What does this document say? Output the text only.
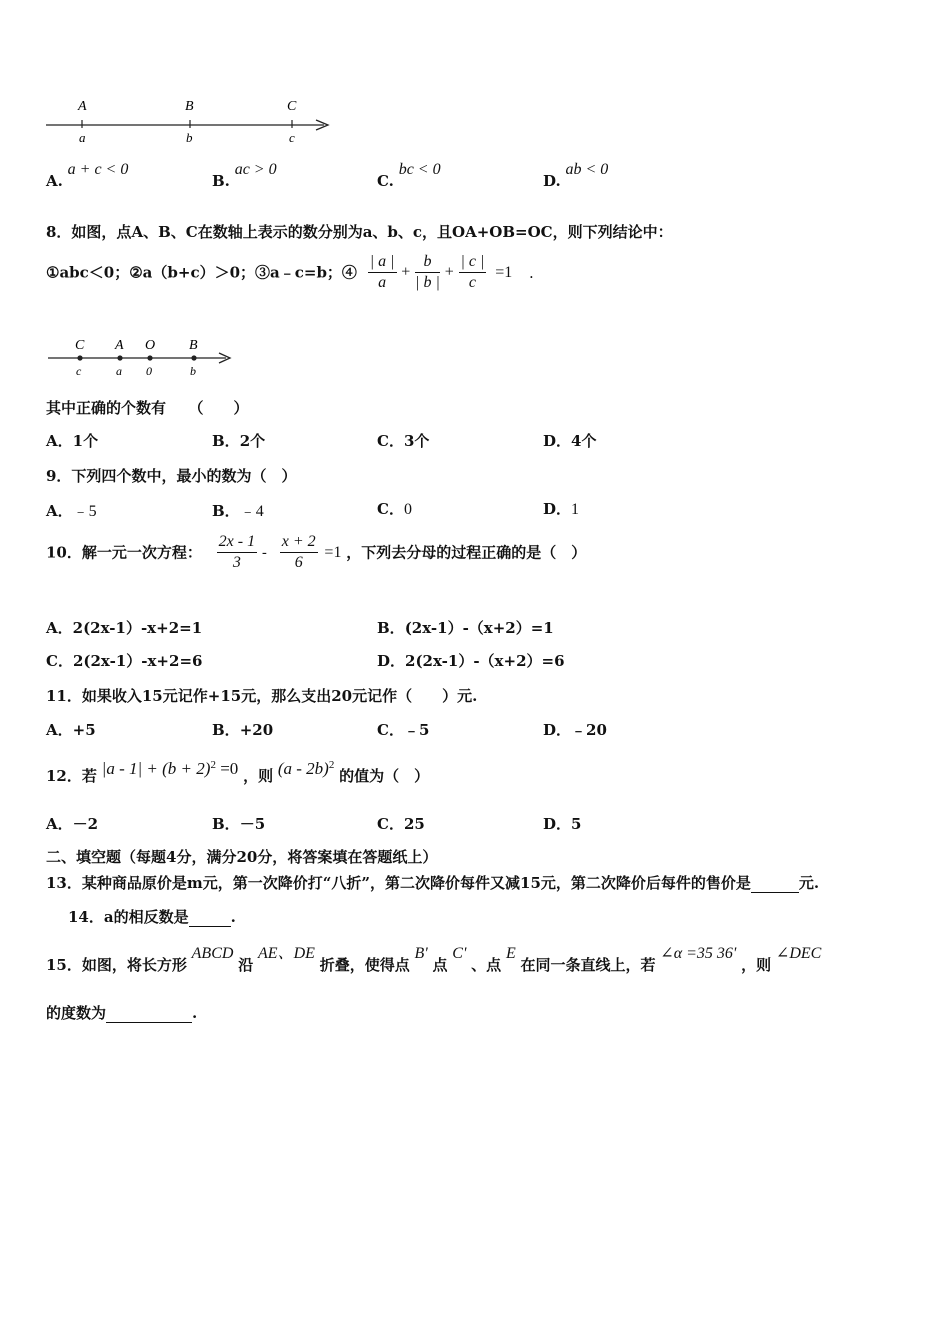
A	B	C
a	b	c
A. a + c < 0
B. ac > 0
C. bc < 0
D. ab < 0
8．如图，点A、B、C在数轴上表示的数分别为a、b、c，且OA+OB=OC，则下列结论中：
①abc＜0；②a（b+c）＞0；③a﹣c=b；④ $\frac{| a |}{a} + \frac{b}{| b |} + \frac{| c |}{c} =1$ .
C A O B
c	a 0	b
其中正确的个数有　　（　　）
A．1个	B．2个	C．3个	D．4个
9．下列四个数中，最小的数为（　）
A．﹣5	B．﹣4	C．0	D．1
10．解一元一次方程： $\frac{2x - 1}{3} - \frac{x + 2}{6} =1$ ，下列去分母的过程正确的是（　）
A．2(2x-1）-x+2=1	B．(2x-1）-（x+2）=1
C．2(2x-1）-x+2=6	D．2(2x-1）-（x+2）=6
11．如果收入15元记作+15元，那么支出20元记作（　　）元.
A．+5	B．+20	C．﹣5	D．﹣20
12．若 $|a - 1| + (b + 2)^2 =0$ ，则 (a - 2b)$^2$ 的值为（　）
A．－2	B．－5	C．25	D．5
二、填空题（每题4分，满分20分，将答案填在答题纸上）
13．某种商品原价是m元，第一次降价打“八折”，第二次降价每件又减15元，第二次降价后每件的售价是	元.
14．a的相反数是	.
15．如图，将长方形 ABCD 沿 AE、DE 折叠，使得点 B' 点 C' 、点 E 在同一条直线上，若 ∠α =35 36' ，则 ∠DEC
的度数为	.
